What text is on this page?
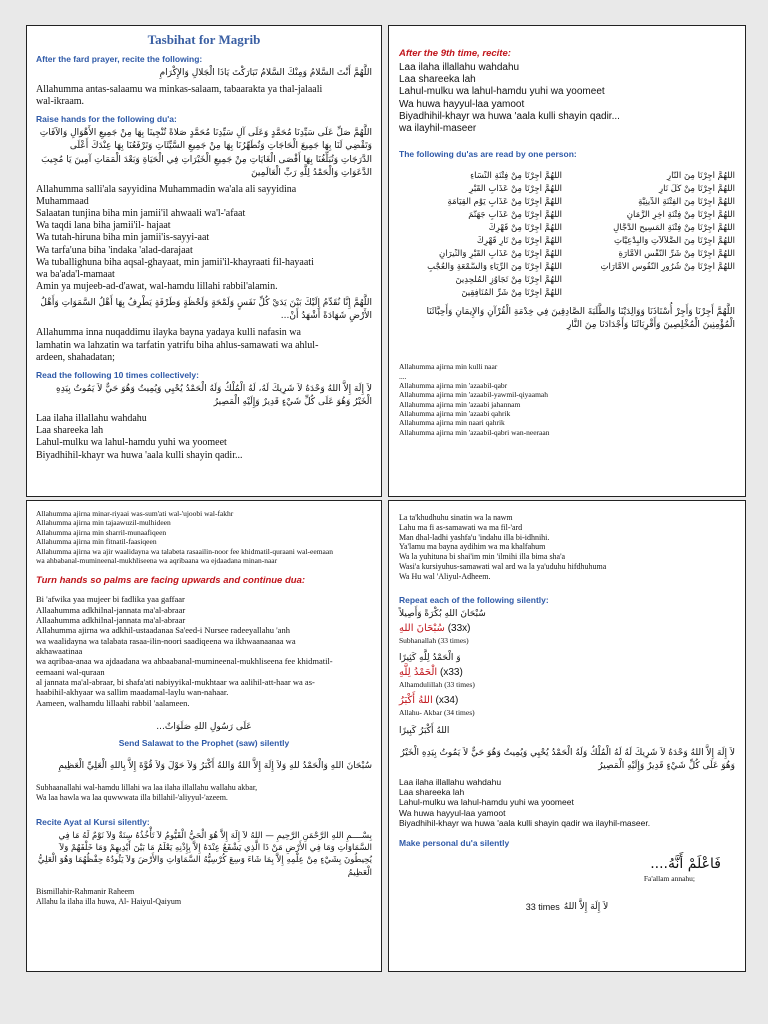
Tasbihat for Magrib
After the fard prayer, recite the following:
اللَّهُمَّ أَنْتَ السَّلامُ وَمِنْكَ السَّلامُ تَبَارَكْتَ يَاذَا الْجَلالِ وَالإِكْرَامِ

Allahumma antas-salaamu wa minkas-salaam, tabaarakta ya thal-jalaali

wal-ikraam.

Raise hands for the following du'a:
اللَّهُمَّ صَلِّ عَلَى سَيِّدِنَا مُحَمَّدٍ وَعَلَى آلِ سَيِّدِنَا مُحَمَّدٍ صَلاةً تُنْجِينَا بِهَا مِنْ جَمِيعِ الأَهْوَالِ وَالآفَاتِ وَتَقْضِي لَنَا بِهَا جَمِيعَ الْحَاجَاتِ وَتُطَهِّرُنَا بِهَا مِنْ جَمِيعِ السَّيِّئَاتِ وَتَرْفَعُنَا بِهَا عِنْدَكَ أَعْلَى الدَّرَجَاتِ وَتُبَلِّغُنَا بِهَا أَقْصَى الْغَايَاتِ مِنْ جَمِيعِ الْخَيْرَاتِ فِي الْحَيَاةِ وَبَعْدَ الْمَمَاتِ آمِينَ يَا مُجِيبَ الدَّعَوَاتِ وَالْحَمْدُ لِلَّهِ رَبِّ الْعَالَمِينَ

Allahumma salli'ala sayyidina Muhammadin wa'ala ali sayyidina

Muhammaad

Salaatan tunjina biha min jamii'il ahwaali wa'l-'afaat

Wa taqdi lana biha jamii'il- hajaat

Wa tutah-hiruna biha min jamii'is-sayyi-aat

Wa tarfa'una biha 'indaka 'alad-darajaat

Wa tuballighuna biha aqsal-ghayaat, min jamii'il-khayraati fil-hayaati

wa ba'ada'l-mamaat

Amin ya mujeeb-ad-d'awat, wal-hamdu lillahi rabbil'alamin.

اللَّهُمَّ إِنَّا نُقَدِّمُ إِلَيْكَ بَيْنَ يَدَيْ كُلِّ نَفَسٍ وَلَمْحَةٍ وَلَحْظَةٍ وَطَرْفَةٍ يَطْرِفُ بِهَا أَهْلُ السَّمَوَاتِ وَأَهْلُ الأَرْضِ شَهَادَةً أَشْهَدُ أَنْ...

Allahumma inna nuqaddimu ilayka bayna yadaya kulli nafasin wa

lamhatin wa lahzatin wa tarfatin yatrifu biha ahlus-samawati wa ahlul-

ardeen, shahadatan;

Read the following 10 times collectively:
لاَ إِلَهَ إِلاَّ اللهُ وَحْدَهُ لاَ شَرِيكَ لَهُ، لَهُ الْمُلْكُ وَلَهُ الْحَمْدُ يُحْيِي وَيُمِيتُ وَهُوَ حَيٌّ لاَ يَمُوتُ بِيَدِهِ الْخَيْرُ وَهُوَ عَلَى كُلِّ شَيْءٍ قَدِيرٌ وَإِلَيْهِ الْمَصِيرُ

Laa ilaha illallahu wahdahu

Laa shareeka lah

Lahul-mulku wa lahul-hamdu yuhi wa yoomeet

Biyadhihil-khayr wa huwa 'aala kulli shayin qadir...

After the 9th time, recite:

Laa ilaha illallahu wahdahu

Laa shareeka lah

Lahul-mulku wa lahul-hamdu yuhi wa yoomeet

Wa huwa hayyul-laa yamoot

Biyadhihil-khayr wa huwa 'aala kulli shayin qadir...

wa ilayhil-maseer

The following du'as are read by one person:
اللَّهُمَّ أَجِرْنَا مِنَ النَّارِ
اللَّهُمَّ أَجِرْنَا مِنْ فِتْنَةِ النِّسَاءِ
اللَّهُمَّ أَجِرْنَا مِنْ كُلِّ نَارٍ
اللَّهُمَّ أَجِرْنَا مِنْ عَذَابِ الْقَبْرِ
اللَّهُمَّ أَجِرْنَا مِنَ الْفِتْنَةِ الدِّينِيَّةِ
اللَّهُمَّ أَجِرْنَا مِنْ عَذَابِ يَوْمِ الْقِيَامَةِ
اللَّهُمَّ أَجِرْنَا مِنْ فِتْنَةِ آخِرِ الزَّمَانِ
اللَّهُمَّ أَجِرْنَا مِنْ عَذَابِ جَهَنَّمَ
اللَّهُمَّ أَجِرْنَا مِنْ فِتْنَةِ الْمَسِيحِ الدَّجَّالِ
اللَّهُمَّ أَجِرْنَا مِنْ قَهْرِكَ
اللَّهُمَّ أَجِرْنَا مِنَ الضَّلاَلاَتِ وَالْبِدْعِيَّاتِ
اللَّهُمَّ أَجِرْنَا مِنْ نَارِ قَهْرِكَ
اللَّهُمَّ أَجِرْنَا مِنْ شَرِّ النَّفْسِ الأَمَّارَةِ
اللَّهُمَّ أَجِرْنَا مِنْ عَذَابِ الْقَبْرِ وَالنِّيرَانِ
اللَّهُمَّ أَجِرْنَا مِنْ شُرُورِ النُّفُوسِ الأَمَّارَاتِ
اللَّهُمَّ أَجِرْنَا مِنَ الرِّيَاءِ وَالسُّمْعَةِ وَالْعُجْبِ
اللَّهُمَّ أَجِرْنَا مِنْ تَجَاوُزِ الْمُلْحِدِينَ
اللَّهُمَّ أَجِرْنَا مِنْ شَرِّ الْمُنَافِقِينَ
اللَّهُمَّ أَجِرْنَا وَأَجِرْ أُسْتَاذَنَا وَوَالِدَيْنَا وَالطَّلَبَةَ الصَّادِقِينَ فِي خِدْمَةِ الْقُرْآنِ وَالإِيمَانِ وَأَحِبَّائَنَا الْمُؤْمِنِينَ الْمُخْلِصِينَ وَأَقْرِبَائَنَا وَأَجْدَادَنَا مِنَ النَّارِ

Allahumma ajirna min kulli naar

....

Allahumma ajirna min 'azaabil-qabr

Allahumma ajirna min 'azaabil-yawmil-qiyaamah

Allahumma ajirna min 'azaabi jahannam

Allahumma ajirna min 'azaabi qahrik

Allahumma ajirna min naari qahrik

Allahumma ajirna min 'azaabil-qabri wan-neeraan

Allahumma ajirna minar-riyaai was-sum'ati wal-'ujoobi wal-fakhr

Allahumma ajirna min tajaawuzil-mulhideen

Allahumma ajirna min sharril-munaafiqeen

Allahumma ajirna min fitnatil-faasiqeen

Allahumma ajirna wa ajir waalidayna wa talabeta rasaailin-noor fee khidmatil-quraani wal-eemaan

wa ahbabanal-mumineenal-mukhliseena wa aqribaana wa ejdaadana minan-naar

Turn hands so palms are facing upwards and continue dua:

Bi 'afwika yaa mujeer bi fadlika yaa gaffaar

Allaahumma adkhilnal-jannata ma'al-abraar

Allaahumma adkhilnal-jannata ma'al-abraar

Allahumma ajirna wa adkhil-ustaadanaa Sa'eed-i Nursee radeeyallahu 'anh

wa waalidayna wa talabata rasaa-ilin-noori saadiqeena wa ikhwaanaanaa wa

akhawaatinaa

wa aqribaa-anaa wa ajdaadana wa ahbaabanal-mumineenal-mukhliseena fee khidmatil-

eemaani wal-quraan

al jannata ma'al-abraar, bi shafa'ati nabiyyikal-mukhtaar wa aalihil-att-haar wa as-

haabihil-akhyaar wa sallim maadamal-laylu wan-nahaar.

Aameen, walhamdu lillaahi rabbil 'aalameen.

عَلَى رَسُولِ اللهِ صَلَوَاتٌ...
Send Salawat to the Prophet (saw) silently
سُبْحَانَ اللهِ وَالْحَمْدُ للهِ وَلاَ إِلَهَ إِلاَّ اللهُ وَاللهُ أَكْبَرُ وَلاَ حَوْلَ وَلاَ قُوَّةَ إِلاَّ بِاللهِ الْعَلِيِّ الْعَظِيمِ

Subhaanallahi wal-hamdu lillahi wa laa ilaha illallahu wallahu akbar,

Wa laa hawla wa laa quwwwata illa billahil-'aliyyul-'azeem.

Recite Ayat al Kursi silently:
بِسْــــمِ اللهِ الرَّحْمَنِ الرَّحِيمِ — اللهُ لاَ إِلَهَ إِلاَّ هُوَ الْحَيُّ الْقَيُّومُ لاَ تَأْخُذُهُ سِنَةٌ وَلاَ نَوْمٌ لَهُ مَا فِي السَّمَاوَاتِ وَمَا فِي الأَرْضِ مَنْ ذَا الَّذِي يَشْفَعُ عِنْدَهُ إِلاَّ بِإِذْنِهِ يَعْلَمُ مَا بَيْنَ أَيْدِيهِمْ وَمَا خَلْفَهُمْ وَلاَ يُحِيطُونَ بِشَيْءٍ مِنْ عِلْمِهِ إِلاَّ بِمَا شَاءَ وَسِعَ كُرْسِيُّهُ السَّمَاوَاتِ وَالأَرْضَ وَلاَ يَئُودُهُ حِفْظُهُمَا وَهُوَ الْعَلِيُّ الْعَظِيمُ

Bismillahir-Rahmanir Raheem

Allahu la ilaha illa huwa, Al- Haiyul-Qaiyum

La ta'khudhuhu sinatin wa la nawm

Lahu ma fi as-samawati wa ma fil-'ard

Man dhal-ladhi yashfa'u 'indahu illa bi-idhnihi.

Ya'lamu ma bayna aydihim wa ma khalfahum

Wa la yuhituna bi shai'im min 'ilmihi illa bima sha'a

Wasi'a kursiyuhus-samawati wal ard wa la ya'uduhu hifdhuhuma

Wa Hu wal 'Aliyul-Adheem.

Repeat each of the following silently:
سُبْحَانَ اللهِ بُكْرَةً وَأَصِيلاً
سُبْحَانَ اللهِ (33x)
Subhanallah (33 times)
وَ الْحَمْدُ لِلَّهِ كَثِيرًا
الْحَمْدُ لِلَّهِ (x33)
Alhamdulillah (33 times)
اللهُ أَكْبَرُ (x34)
Allahu- Akbar (34 times)
اللهُ أَكْبَرُ كَبِيرًا
لاَ إِلَهَ إِلاَّ اللهُ وَحْدَهُ لاَ شَرِيكَ لَهُ لَهُ الْمُلْكُ وَلَهُ الْحَمْدُ يُحْيِي وَيُمِيتُ وَهُوَ حَيٌّ لاَ يَمُوتُ بِيَدِهِ الْخَيْرُ وَهُوَ عَلَى كُلِّ شَيْءٍ قَدِيرٌ وَإِلَيْهِ الْمَصِيرُ

Laa ilaha illallahu wahdahu

Laa shareeka lah

Lahul-mulku wa lahul-hamdu yuhi wa yoomeet

Wa huwa hayyul-laa yamoot

Biyadhihil-khayr wa huwa 'aala kulli shayin qadir wa ilayhil-maseer.

Make personal du'a silently
فَاعْلَمْ أَنَّهُ....
Fa'allam annahu;
33 times لاَ إِلَهَ إِلاَّ اللهُ
